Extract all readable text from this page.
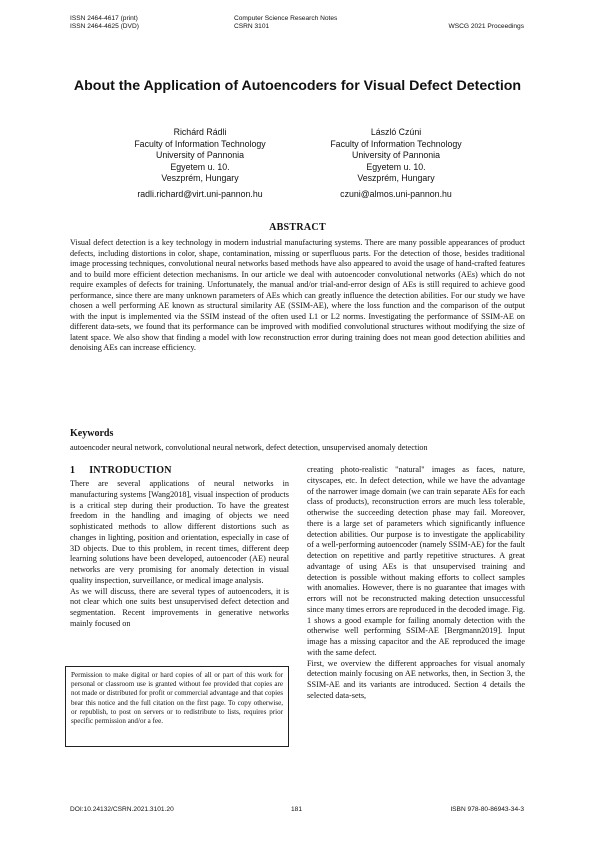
ISSN 2464-4617 (print)
ISSN 2464-4625 (DVD)
Computer Science Research Notes
CSRN 3101	WSCG 2021 Proceedings
About the Application of Autoencoders for Visual Defect Detection
Richárd Rádli
Faculty of Information Technology
University of Pannonia
Egyetem u. 10.
Veszprém, Hungary
radli.richard@virt.uni-pannon.hu
László Czúni
Faculty of Information Technology
University of Pannonia
Egyetem u. 10.
Veszprém, Hungary
czuni@almos.uni-pannon.hu
ABSTRACT

Visual defect detection is a key technology in modern industrial manufacturing systems. There are many possible appearances of product defects, including distortions in color, shape, contamination, missing or superfluous parts. For the detection of those, besides traditional image processing techniques, convolutional neural networks based methods have also appeared to avoid the usage of hand-crafted features and to build more efficient detection mechanisms. In our article we deal with autoencoder convolutional networks (AEs) which do not require examples of defects for training. Unfortunately, the manual and/or trial-and-error design of AEs is still required to achieve good performance, since there are many unknown parameters of AEs which can greatly influence the detection abilities. For our study we have chosen a well performing AE known as structural similarity AE (SSIM-AE), where the loss function and the comparison of the output with the input is implemented via the SSIM instead of the often used L1 or L2 norms. Investigating the performance of SSIM-AE on different data-sets, we found that its performance can be improved with modified convolutional structures without modifying the size of latent space. We also show that finding a model with low reconstruction error during training does not mean good detection abilities and denoising AEs can increase efficiency.

Keywords
autoencoder neural network, convolutional neural network, defect detection, unsupervised anomaly detection
1 INTRODUCTION

There are several applications of neural networks in manufacturing systems [Wang2018], visual inspection of products is a critical step during their production. To have the greatest freedom in the handling and imaging of objects we need sophisticated methods to allow different distortions such as changes in lighting, position and orientation, especially in case of 3D objects. Due to this problem, in recent times, different deep learning solutions have been developed, autoencoder (AE) neural networks are very promising for anomaly detection in visual quality inspection, surveillance, or medical image analysis.

As we will discuss, there are several types of autoencoders, it is not clear which one suits best unsupervised defect detection and segmentation. Recent improvements in generative networks mainly focused on

creating photo-realistic "natural" images as faces, nature, cityscapes, etc. In defect detection, while we have the advantage of the narrower image domain (we can train separate AEs for each class of products), reconstruction errors are much less tolerable, otherwise the succeeding detection phase may fail. Moreover, there is a large set of parameters which significantly influence detection abilities. Our purpose is to investigate the applicability of a well-performing autoencoder (namely SSIM-AE) for the fault detection on repetitive and partly repetitive structures. A great advantage of using AEs is that unsupervised training and detection is possible without making efforts to collect samples with anomalies. However, there is no guarantee that images with errors will not be reconstructed making detection unsuccessful since many times errors are reproduced in the decoded image. Fig. 1 shows a good example for failing anomaly detection with the otherwise well performing SSIM-AE [Bergmann2019]. Input image has a missing capacitor and the AE reproduced the image with the same defect.

First, we overview the different approaches for visual anomaly detection mainly focusing on AE networks, then, in Section 3, the SSIM-AE and its variants are introduced. Section 4 details the selected data-sets,

Permission to make digital or hard copies of all or part of this work for personal or classroom use is granted without fee provided that copies are not made or distributed for profit or commercial advantage and that copies bear this notice and the full citation on the first page. To copy otherwise, or republish, to post on servers or to redistribute to lists, requires prior specific permission and/or a fee.
DOI:10.24132/CSRN.2021.3101.20	181	ISBN 978-80-86943-34-3
